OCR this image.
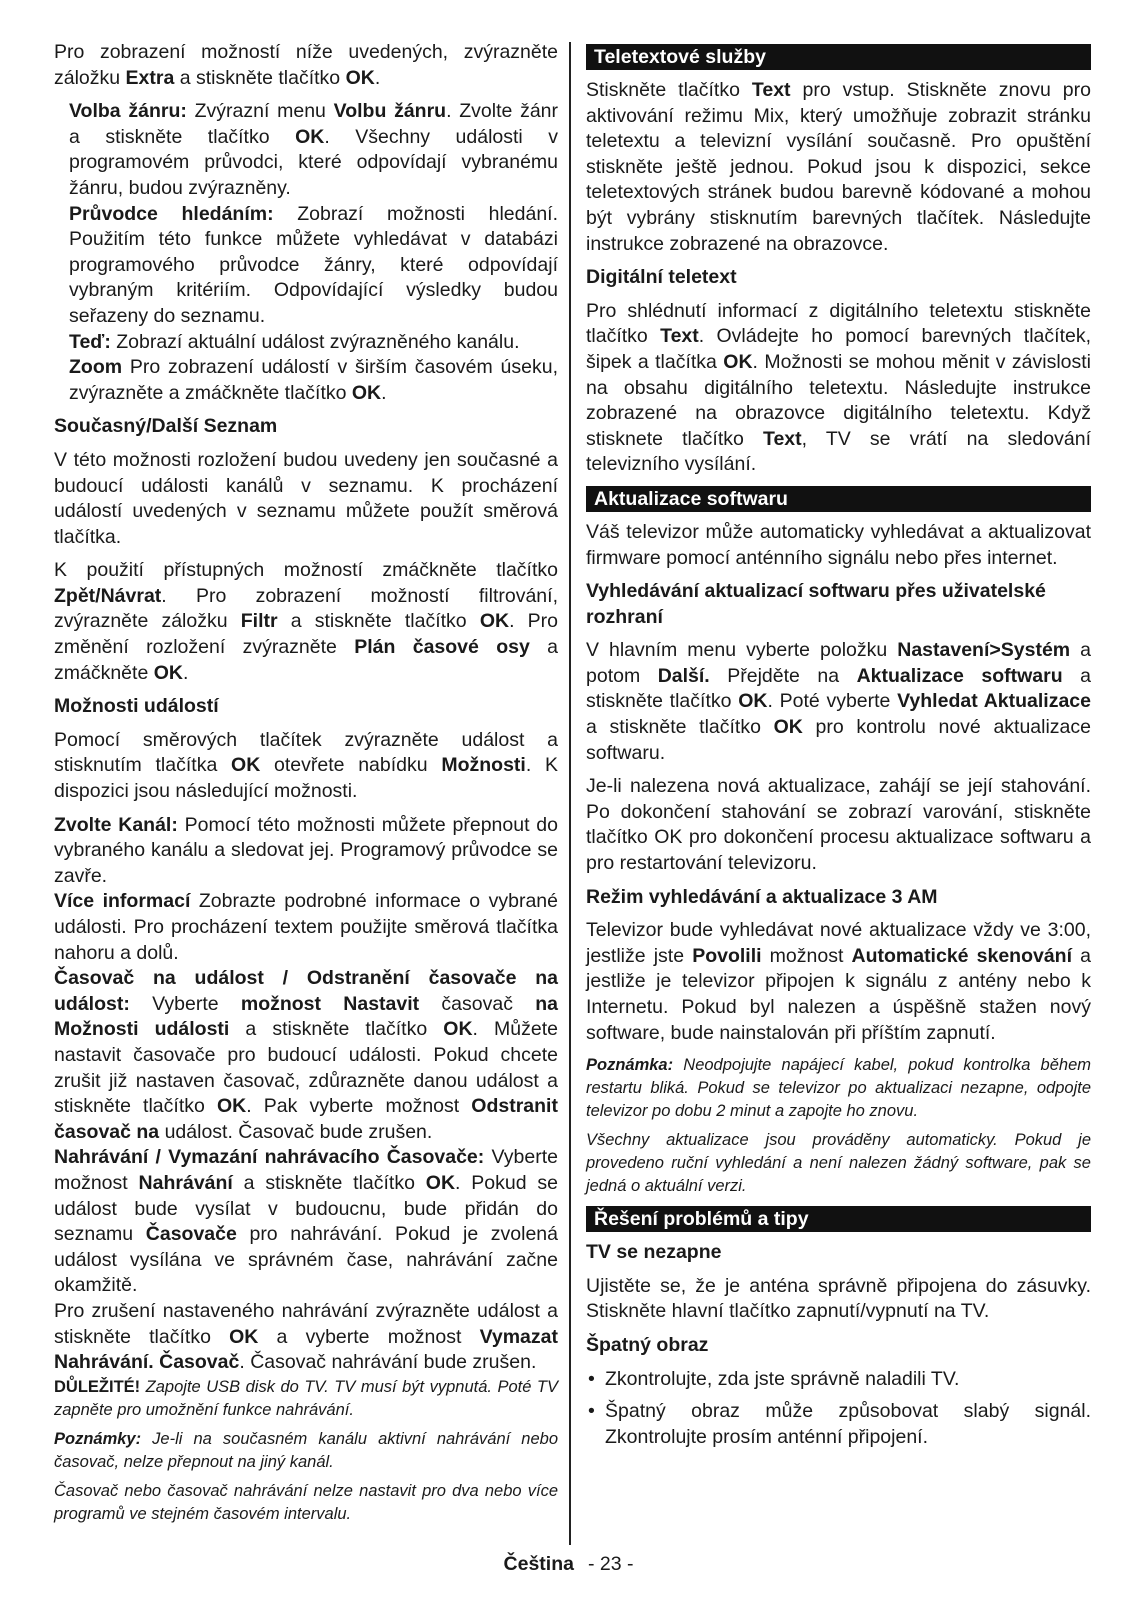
Pro zobrazení možností níže uvedených, zvýrazněte záložku Extra a stiskněte tlačítko OK.

Volba žánru: Zvýrazní menu Volbu žánru. Zvolte žánr a stiskněte tlačítko OK. Všechny události v programovém průvodci, které odpovídají vybranému žánru, budou zvýrazněny.

Průvodce hledáním: Zobrazí možnosti hledání. Použitím této funkce můžete vyhledávat v databázi programového průvodce žánry, které odpovídají vybraným kritériím. Odpovídající výsledky budou seřazeny do seznamu.

Teď: Zobrazí aktuální událost zvýrazněného kanálu.

Zoom Pro zobrazení událostí v širším časovém úseku, zvýrazněte a zmáčkněte tlačítko OK.

Současný/Další Seznam

V této možnosti rozložení budou uvedeny jen současné a budoucí události kanálů v seznamu. K procházení událostí uvedených v seznamu můžete použít směrová tlačítka.

K použití přístupných možností zmáčkněte tlačítko Zpět/Návrat. Pro zobrazení možností filtrování, zvýrazněte záložku Filtr a stiskněte tlačítko OK. Pro změnění rozložení zvýrazněte Plán časové osy a zmáčkněte OK.

Možnosti událostí

Pomocí směrových tlačítek zvýrazněte událost a stisknutím tlačítka OK otevřete nabídku Možnosti. K dispozici jsou následující možnosti.

Zvolte Kanál: Pomocí této možnosti můžete přepnout do vybraného kanálu a sledovat jej. Programový průvodce se zavře.

Více informací Zobrazte podrobné informace o vybrané události. Pro procházení textem použijte směrová tlačítka nahoru a dolů.

Časovač na událost / Odstranění časovače na událost: Vyberte možnost Nastavit časovač na Možnosti události a stiskněte tlačítko OK. Můžete nastavit časovače pro budoucí události. Pokud chcete zrušit již nastaven časovač, zdůrazněte danou událost a stiskněte tlačítko OK. Pak vyberte možnost Odstranit časovač na událost. Časovač bude zrušen.

Nahrávání / Vymazání nahrávacího Časovače: Vyberte možnost Nahrávání a stiskněte tlačítko OK. Pokud se událost bude vysílat v budoucnu, bude přidán do seznamu Časovače pro nahrávání. Pokud je zvolená událost vysílána ve správném čase, nahrávání začne okamžitě.

Pro zrušení nastaveného nahrávání zvýrazněte událost a stiskněte tlačítko OK a vyberte možnost Vymazat Nahrávání. Časovač. Časovač nahrávání bude zrušen.

DŮLEŽITÉ! Zapojte USB disk do TV. TV musí být vypnutá. Poté TV zapněte pro umožnění funkce nahrávání.

Poznámky: Je-li na současném kanálu aktivní nahrávání nebo časovač, nelze přepnout na jiný kanál.

Časovač nebo časovač nahrávání nelze nastavit pro dva nebo více programů ve stejném časovém intervalu.

Teletextové služby

Stiskněte tlačítko Text pro vstup. Stiskněte znovu pro aktivování režimu Mix, který umožňuje zobrazit stránku teletextu a televizní vysílání současně. Pro opuštění stiskněte ještě jednou. Pokud jsou k dispozici, sekce teletextových stránek budou barevně kódované a mohou být vybrány stisknutím barevných tlačítek. Následujte instrukce zobrazené na obrazovce.

Digitální teletext

Pro shlédnutí informací z digitálního teletextu stiskněte tlačítko Text. Ovládejte ho pomocí barevných tlačítek, šipek a tlačítka OK. Možnosti se mohou měnit v závislosti na obsahu digitálního teletextu. Následujte instrukce zobrazené na obrazovce digitálního teletextu. Když stisknete tlačítko Text, TV se vrátí na sledování televizního vysílání.

Aktualizace softwaru

Váš televizor může automaticky vyhledávat a aktualizovat firmware pomocí anténního signálu nebo přes internet.

Vyhledávání aktualizací softwaru přes uživatelské rozhraní

V hlavním menu vyberte položku Nastavení>Systém a potom Další. Přejděte na Aktualizace softwaru a stiskněte tlačítko OK. Poté vyberte Vyhledat Aktualizace a stiskněte tlačítko OK pro kontrolu nové aktualizace softwaru.

Je-li nalezena nová aktualizace, zahájí se její stahování. Po dokončení stahování se zobrazí varování, stiskněte tlačítko OK pro dokončení procesu aktualizace softwaru a pro restartování televizoru.

Režim vyhledávání a aktualizace 3 AM

Televizor bude vyhledávat nové aktualizace vždy ve 3:00, jestliže jste Povolili možnost Automatické skenování a jestliže je televizor připojen k signálu z antény nebo k Internetu. Pokud byl nalezen a úspěšně stažen nový software, bude nainstalován při příštím zapnutí.

Poznámka: Neodpojujte napájecí kabel, pokud kontrolka během restartu bliká. Pokud se televizor po aktualizaci nezapne, odpojte televizor po dobu 2 minut a zapojte ho znovu.

Všechny aktualizace jsou prováděny automaticky. Pokud je provedeno ruční vyhledání a není nalezen žádný software, pak se jedná o aktuální verzi.

Řešení problémů a tipy
TV se nezapne

Ujistěte se, že je anténa správně připojena do zásuvky. Stiskněte hlavní tlačítko zapnutí/vypnutí na TV.

Špatný obraz
• Zkontrolujte, zda jste správně naladili TV.
• Špatný obraz může způsobovat slabý signál. Zkontrolujte prosím anténní připojení.
Čeština - 23 -
